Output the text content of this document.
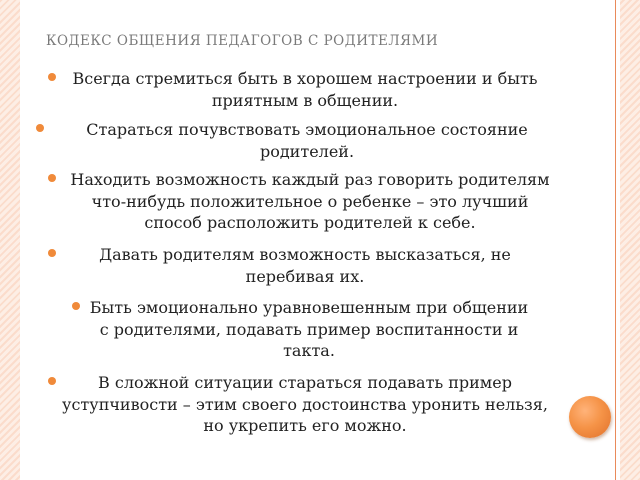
КОДЕКС ОБЩЕНИЯ ПЕДАГОГОВ С РОДИТЕЛЯМИ
Всегда стремиться быть в хорошем настроении и быть приятным в общении.
Стараться почувствовать эмоциональное состояние родителей.
Находить возможность каждый раз говорить родителям что-нибудь положительное о ребенке – это лучший способ расположить родителей к себе.
Давать родителям возможность высказаться, не перебивая их.
Быть эмоционально уравновешенным при общении с родителями, подавать пример воспитанности и такта.
В сложной ситуации стараться подавать пример уступчивости – этим своего достоинства уронить нельзя, но укрепить его можно.
